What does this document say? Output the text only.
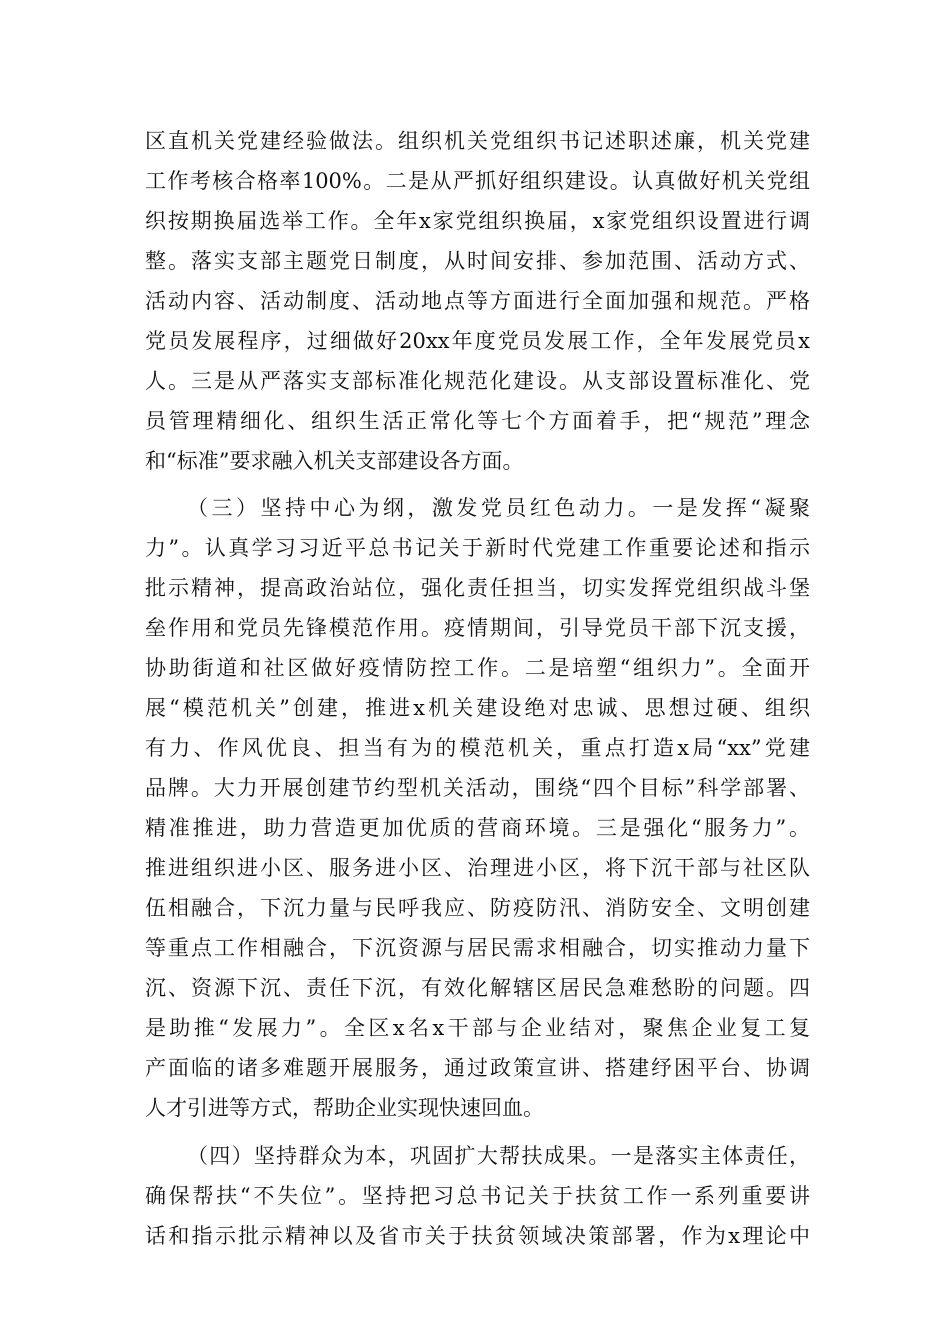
区直机关党建经验做法。组织机关党组织书记述职述廉，机关党建
工作考核合格率100%。二是从严抓好组织建设。认真做好机关党组
织按期换届选举工作。全年x家党组织换届，x家党组织设置进行调
整。落实支部主题党日制度，从时间安排、参加范围、活动方式、
活动内容、活动制度、活动地点等方面进行全面加强和规范。严格
党员发展程序，过细做好20xx年度党员发展工作，全年发展党员x
人。三是从严落实支部标准化规范化建设。从支部设置标准化、党
员管理精细化、组织生活正常化等七个方面着手，把“规范”理念
和“标准”要求融入机关支部建设各方面。
（三）坚持中心为纲，激发党员红色动力。一是发挥“凝聚
力”。认真学习习近平总书记关于新时代党建工作重要论述和指示
批示精神，提高政治站位，强化责任担当，切实发挥党组织战斗堡
垒作用和党员先锋模范作用。疫情期间，引导党员干部下沉支援，
协助街道和社区做好疫情防控工作。二是培塑“组织力”。全面开
展“模范机关”创建，推进x机关建设绝对忠诚、思想过硬、组织
有力、作风优良、担当有为的模范机关，重点打造x局“xx”党建
品牌。大力开展创建节约型机关活动，围绕“四个目标”科学部署、
精准推进，助力营造更加优质的营商环境。三是强化“服务力”。
推进组织进小区、服务进小区、治理进小区，将下沉干部与社区队
伍相融合，下沉力量与民呼我应、防疫防汛、消防安全、文明创建
等重点工作相融合，下沉资源与居民需求相融合，切实推动力量下
沉、资源下沉、责任下沉，有效化解辖区居民急难愁盼的问题。四
是助推“发展力”。全区x名x干部与企业结对，聚焦企业复工复
产面临的诸多难题开展服务，通过政策宣讲、搭建纾困平台、协调
人才引进等方式，帮助企业实现快速回血。
（四）坚持群众为本，巩固扩大帮扶成果。一是落实主体责任，
确保帮扶“不失位”。坚持把习总书记关于扶贫工作一系列重要讲
话和指示批示精神以及省市关于扶贫领域决策部署，作为x理论中
